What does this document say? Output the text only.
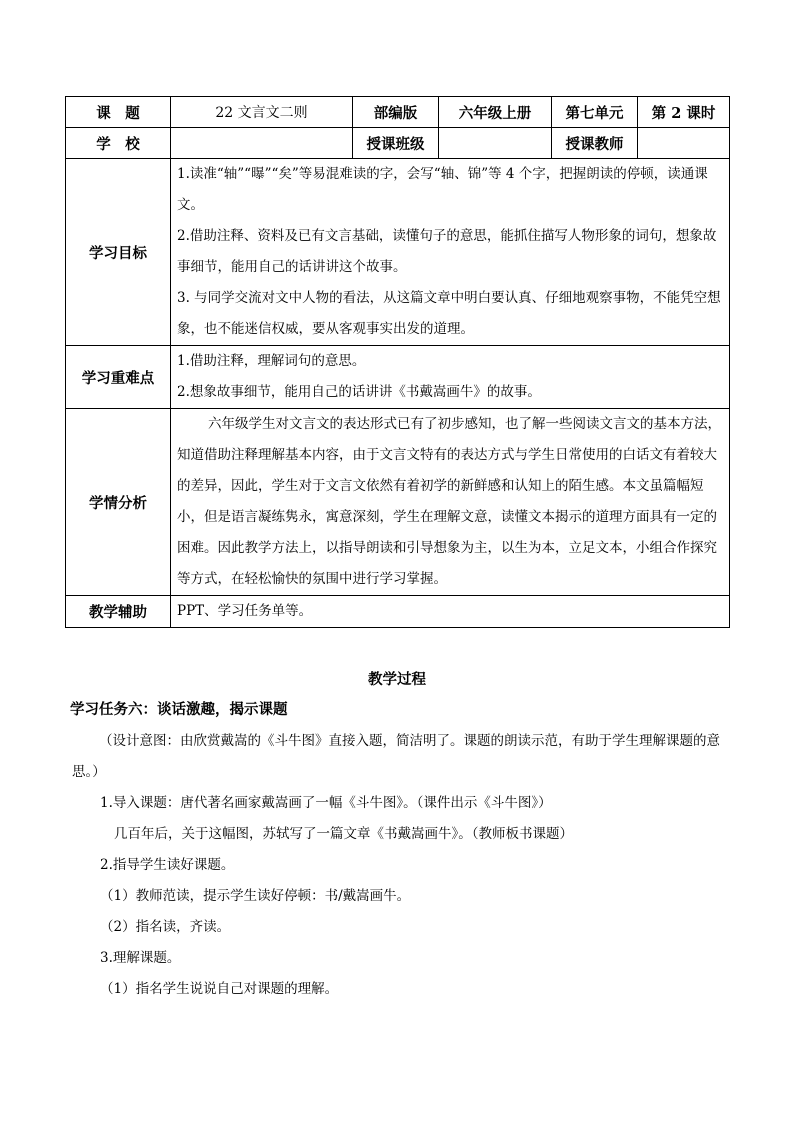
课　题	22 文言文二则	部编版	六年级上册	第七单元	第 2 课时
学　校		授课班级		授课教师	
学习目标	1.读准“轴”“曝”“矣”等易混难读的字，会写“轴、锦”等 4 个字，把握朗读的停顿，读通课文。

2.借助注释、资料及已有文言基础，读懂句子的意思，能抓住描写人物形象的词句，想象故事细节，能用自己的话讲讲这个故事。

3. 与同学交流对文中人物的看法，从这篇文章中明白要认真、仔细地观察事物，不能凭空想象，也不能迷信权威，要从客观事实出发的道理。				

学习重难点	1.借助注释，理解词句的意思。

2.想象故事细节，能用自己的话讲讲《书戴嵩画牛》的故事。				

学情分析	六年级学生对文言文的表达形式已有了初步感知，也了解一些阅读文言文的基本方法，知道借助注释理解基本内容，由于文言文特有的表达方式与学生日常使用的白话文有着较大的差异，因此，学生对于文言文依然有着初学的新鲜感和认知上的陌生感。本文虽篇幅短小，但是语言凝练隽永，寓意深刻，学生在理解文意，读懂文本揭示的道理方面具有一定的困难。因此教学方法上，以指导朗读和引导想象为主，以生为本，立足文本，小组合作探究等方式，在轻松愉快的氛围中进行学习掌握。				

教学辅助	PPT、学习任务单等。				

教学过程
学习任务六：谈话激趣，揭示课题
（设计意图：由欣赏戴嵩的《斗牛图》直接入题，简洁明了。课题的朗读示范，有助于学生理解课题的意思。）
1.导入课题：唐代著名画家戴嵩画了一幅《斗牛图》。（课件出示《斗牛图》）
几百年后，关于这幅图，苏轼写了一篇文章《书戴嵩画牛》。（教师板书课题）
2.指导学生读好课题。
（1）教师范读，提示学生读好停顿：书/戴嵩画牛。
（2）指名读，齐读。
3.理解课题。
（1）指名学生说说自己对课题的理解。
